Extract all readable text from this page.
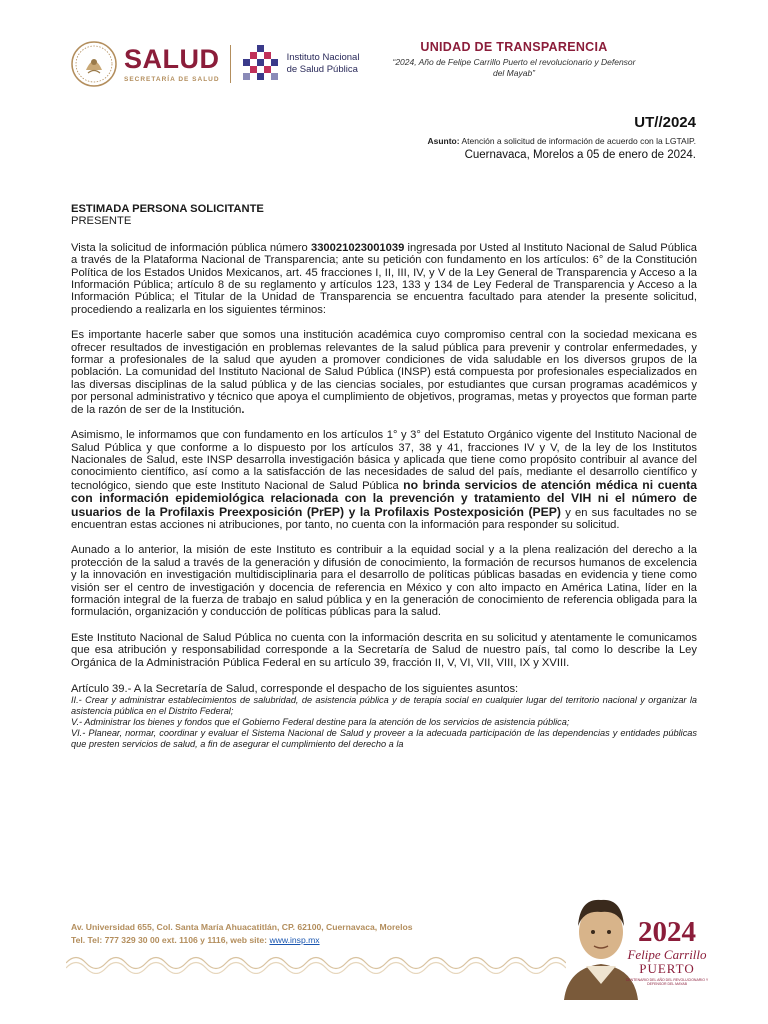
SALUD
SECRETARÍA DE SALUD
Instituto Nacional
de Salud Pública
UNIDAD DE TRANSPARENCIA
“2024, Año de Felipe Carrillo Puerto el revolucionario y Defensor
del Mayab”
UT//2024
Asunto: Atención a solicitud de información de acuerdo con la LGTAIP.
Cuernavaca, Morelos a 05 de enero de 2024.
ESTIMADA PERSONA SOLICITANTE
PRESENTE

Vista la solicitud de información pública número 330021023001039 ingresada por Usted al Instituto Nacional de Salud Pública a través de la Plataforma Nacional de Transparencia; ante su petición con fundamento en los artículos: 6° de la Constitución Política de los Estados Unidos Mexicanos, art. 45 fracciones I, II, III, IV, y V de la Ley General de Transparencia y Acceso a la Información Pública; artículo 8 de su reglamento y artículos 123, 133 y 134 de Ley Federal de Transparencia y Acceso a la Información Pública; el Titular de la Unidad de Transparencia se encuentra facultado para atender la presente solicitud, procediendo a realizarla en los siguientes términos:

Es importante hacerle saber que somos una institución académica cuyo compromiso central con la sociedad mexicana es ofrecer resultados de investigación en problemas relevantes de la salud pública para prevenir y controlar enfermedades, y formar a profesionales de la salud que ayuden a promover condiciones de vida saludable en los diversos grupos de la población. La comunidad del Instituto Nacional de Salud Pública (INSP) está compuesta por profesionales especializados en las diversas disciplinas de la salud pública y de las ciencias sociales, por estudiantes que cursan programas académicos y por personal administrativo y técnico que apoya el cumplimiento de objetivos, programas, metas y proyectos que forman parte de la razón de ser de la Institución.

Asimismo, le informamos que con fundamento en los artículos 1° y 3° del Estatuto Orgánico vigente del Instituto Nacional de Salud Pública y que conforme a lo dispuesto por los artículos 37, 38 y 41, fracciones IV y V, de la ley de los Institutos Nacionales de Salud, este INSP desarrolla investigación básica y aplicada que tiene como propósito contribuir al avance del conocimiento científico, así como a la satisfacción de las necesidades de salud del país, mediante el desarrollo científico y tecnológico, siendo que este Instituto Nacional de Salud Pública no brinda servicios de atención médica ni cuenta con información epidemiológica relacionada con la prevención y tratamiento del VIH ni el número de usuarios de la Profilaxis Preexposición (PrEP) y la Profilaxis Postexposición (PEP) y en sus facultades no se encuentran estas acciones ni atribuciones, por tanto, no cuenta con la información para responder su solicitud.

Aunado a lo anterior, la misión de este Instituto es contribuir a la equidad social y a la plena realización del derecho a la protección de la salud a través de la generación y difusión de conocimiento, la formación de recursos humanos de excelencia y la innovación en investigación multidisciplinaria para el desarrollo de políticas públicas basadas en evidencia y tiene como visión ser el centro de investigación y docencia de referencia en México y con alto impacto en América Latina, líder en la formación integral de la fuerza de trabajo en salud pública y en la generación de conocimiento de referencia obligada para la formulación, organización y conducción de políticas públicas para la salud.

Este Instituto Nacional de Salud Pública no cuenta con la información descrita en su solicitud y atentamente le comunicamos que esa atribución y responsabilidad corresponde a la Secretaría de Salud de nuestro país, tal como lo describe la Ley Orgánica de la Administración Pública Federal en su artículo 39, fracción II, V, VI, VII, VIII, IX y XVIII.

Artículo 39.- A la Secretaría de Salud, corresponde el despacho de los siguientes asuntos:

II.- Crear y administrar establecimientos de salubridad, de asistencia pública y de terapia social en cualquier lugar del territorio nacional y organizar la asistencia pública en el Distrito Federal;

V.- Administrar los bienes y fondos que el Gobierno Federal destine para la atención de los servicios de asistencia pública;

VI.- Planear, normar, coordinar y evaluar el Sistema Nacional de Salud y proveer a la adecuada participación de las dependencias y entidades públicas que presten servicios de salud, a fin de asegurar el cumplimiento del derecho a la

Av. Universidad 655, Col. Santa María Ahuacatitlán, CP. 62100, Cuernavaca, Morelos
Tel. Tel: 777 329 30 00 ext. 1106 y 1116, web site: www.insp.mx	2024
Felipe Carrillo
PUERTO
CENTENARIO DEL AÑO DEL REVOLUCIONARIO Y DEFENSOR DEL MAYAB
